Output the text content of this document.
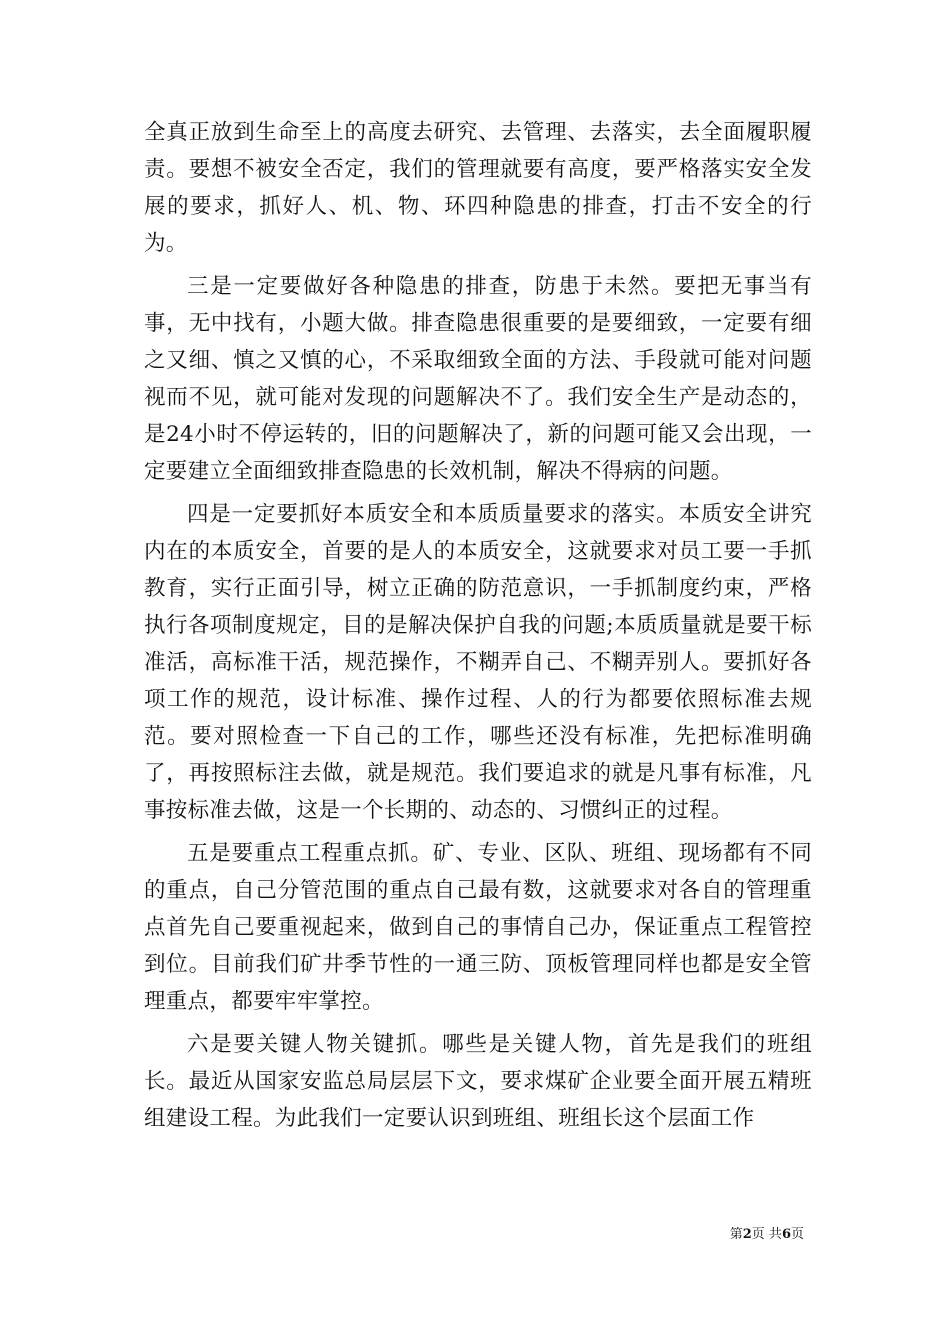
全真正放到生命至上的高度去研究、去管理、去落实，去全面履职履责。要想不被安全否定，我们的管理就要有高度，要严格落实安全发展的要求，抓好人、机、物、环四种隐患的排查，打击不安全的行为。

三是一定要做好各种隐患的排查，防患于未然。要把无事当有事，无中找有，小题大做。排查隐患很重要的是要细致，一定要有细之又细、慎之又慎的心，不采取细致全面的方法、手段就可能对问题视而不见，就可能对发现的问题解决不了。我们安全生产是动态的，是24小时不停运转的，旧的问题解决了，新的问题可能又会出现，一定要建立全面细致排查隐患的长效机制，解决不得病的问题。

四是一定要抓好本质安全和本质质量要求的落实。本质安全讲究内在的本质安全，首要的是人的本质安全，这就要求对员工要一手抓教育，实行正面引导，树立正确的防范意识，一手抓制度约束，严格执行各项制度规定，目的是解决保护自我的问题;本质质量就是要干标准活，高标准干活，规范操作，不糊弄自己、不糊弄别人。要抓好各项工作的规范，设计标准、操作过程、人的行为都要依照标准去规范。要对照检查一下自己的工作，哪些还没有标准，先把标准明确了，再按照标注去做，就是规范。我们要追求的就是凡事有标准，凡事按标准去做，这是一个长期的、动态的、习惯纠正的过程。

五是要重点工程重点抓。矿、专业、区队、班组、现场都有不同的重点，自己分管范围的重点自己最有数，这就要求对各自的管理重点首先自己要重视起来，做到自己的事情自己办，保证重点工程管控到位。目前我们矿井季节性的一通三防、顶板管理同样也都是安全管理重点，都要牢牢掌控。

六是要关键人物关键抓。哪些是关键人物，首先是我们的班组长。最近从国家安监总局层层下文，要求煤矿企业要全面开展五精班组建设工程。为此我们一定要认识到班组、班组长这个层面工作

第2页 共6页
